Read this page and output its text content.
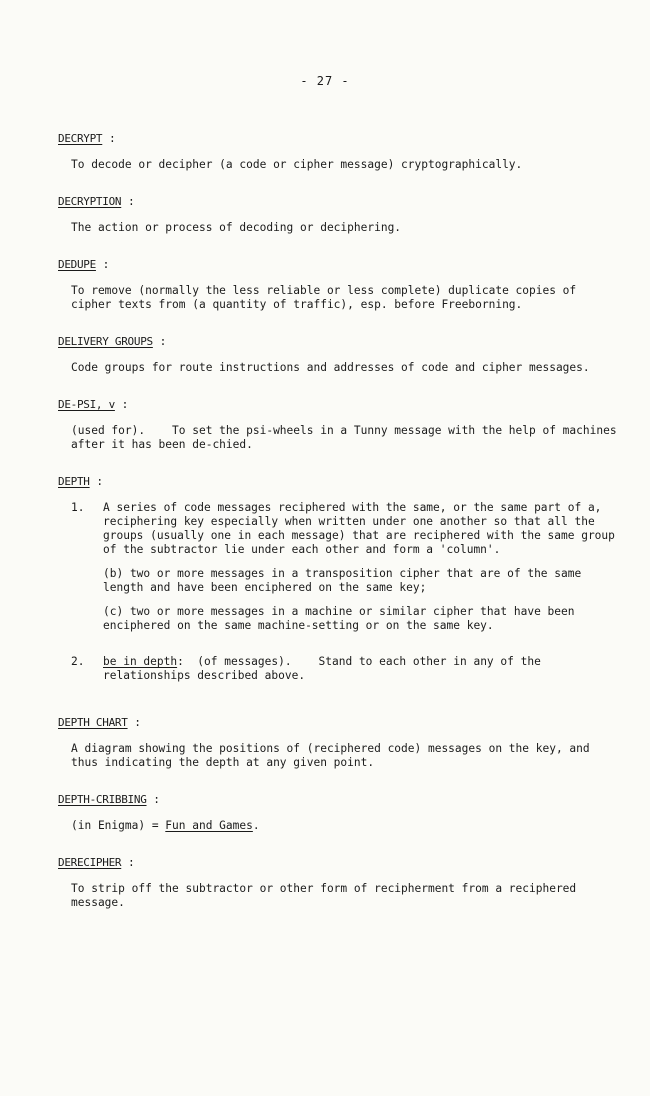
- 27 -
DECRYPT :

To decode or decipher (a code or cipher message) cryptographically.

DECRYPTION :

The action or process of decoding or deciphering.

DEDUPE :

To remove (normally the less reliable or less complete) duplicate copies of cipher texts from (a quantity of traffic), esp. before Freeborning.

DELIVERY GROUPS :

Code groups for route instructions and addresses of code and cipher messages.

DE-PSI, v :

(used for).    To set the psi-wheels in a Tunny message with the help of machines after it has been de-chied.

DEPTH :
1.	A series of code messages reciphered with the same, or the same part of a, reciphering key especially when written under one another so that all the groups (usually one in each message) that are reciphered with the same group of the subtractor lie under each other and form a 'column'.

(b) two or more messages in a transposition cipher that are of the same length and have been enciphered on the same key;

(c) two or more messages in a machine or similar cipher that have been enciphered on the same machine-setting or on the same key.

2.	be in depth:  (of messages).    Stand to each other in any of the relationships described above.

DEPTH CHART :

A diagram showing the positions of (reciphered code) messages on the key, and thus indicating the depth at any given point.

DEPTH-CRIBBING :

(in Enigma) = Fun and Games.

DERECIPHER :

To strip off the subtractor or other form of recipherment from a reciphered message.
